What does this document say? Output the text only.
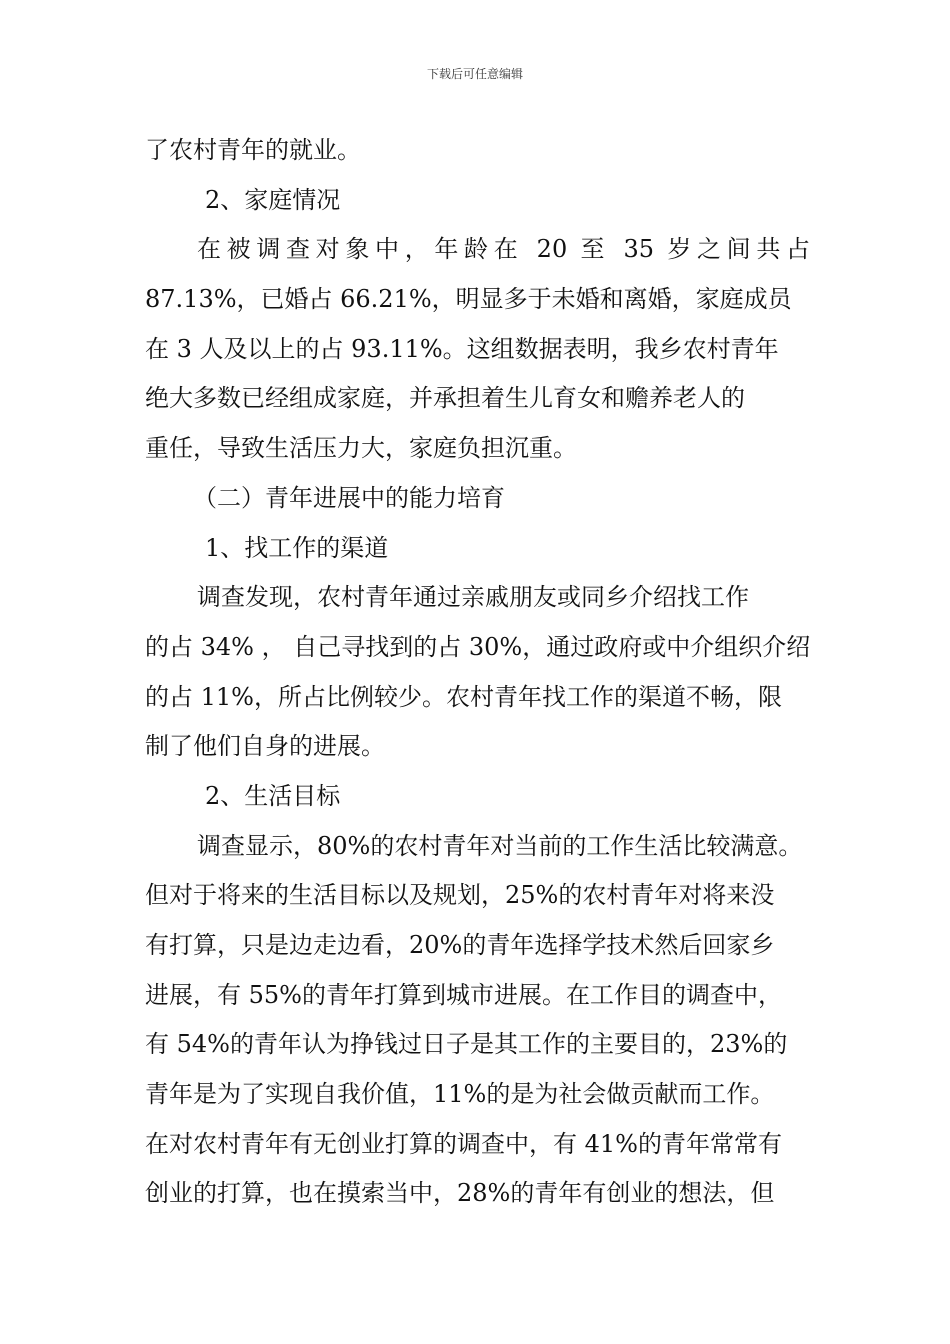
下载后可任意编辑
了农村青年的就业。
2、家庭情况
在被调查对象中，年龄在 20 至 35 岁之间共占
87.13%，已婚占 66.21%，明显多于未婚和离婚，家庭成员
在 3 人及以上的占 93.11%。这组数据表明，我乡农村青年
绝大多数已经组成家庭，并承担着生儿育女和赡养老人的
重任，导致生活压力大，家庭负担沉重。
（二）青年进展中的能力培育
1、找工作的渠道
调查发现，农村青年通过亲戚朋友或同乡介绍找工作
的占 34% ， 自己寻找到的占 30%，通过政府或中介组织介绍
的占 11%，所占比例较少。农村青年找工作的渠道不畅，限
制了他们自身的进展。
2、生活目标
调查显示，80%的农村青年对当前的工作生活比较满意。
但对于将来的生活目标以及规划，25%的农村青年对将来没
有打算，只是边走边看，20%的青年选择学技术然后回家乡
进展，有 55%的青年打算到城市进展。在工作目的调查中，
有 54%的青年认为挣钱过日子是其工作的主要目的，23%的
青年是为了实现自我价值，11%的是为社会做贡献而工作。
在对农村青年有无创业打算的调查中，有 41%的青年常常有
创业的打算，也在摸索当中，28%的青年有创业的想法，但
